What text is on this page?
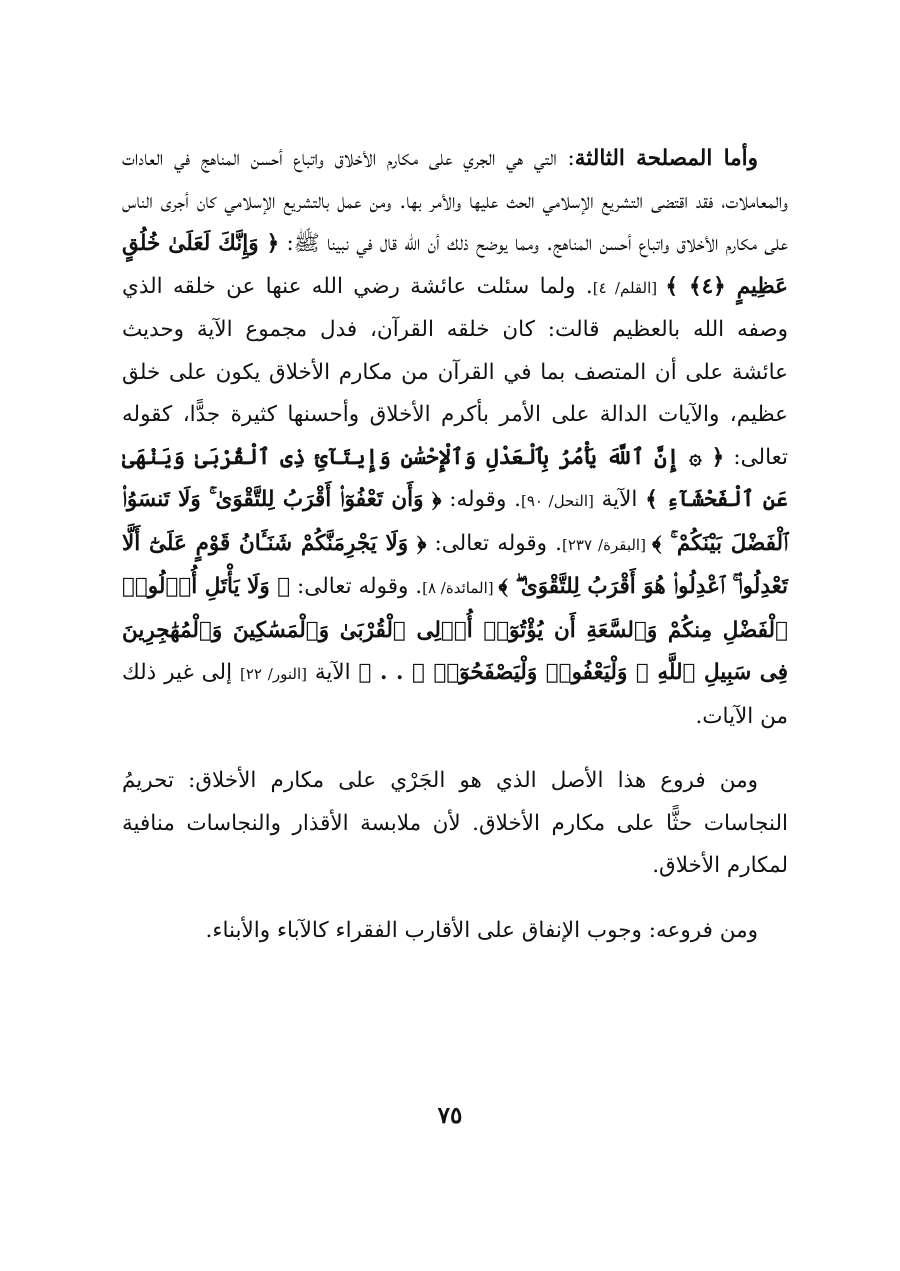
وأما المصلحة الثالثة: التي هي الجري على مكارم الأخلاق واتباع أحسن المناهج في العادات والمعاملات، فقد اقتضى التشريع الإسلامي الحث عليها والأمر بها. ومن عمل بالتشريع الإسلامي كان أجرى الناس على مكارم الأخلاق واتباع أحسن المناهج. ومما يوضح ذلك أن الله قال في نبينا ﷺ: ﴿ وَإِنَّكَ لَعَلَىٰ خُلُقٍ عَظِيمٍ ﴿٤﴾ ﴾ [القلم/ ٤]. ولما سئلت عائشة رضي الله عنها عن خلقه الذي وصفه الله بالعظيم قالت: كان خلقه القرآن، فدل مجموع الآية وحديث عائشة على أن المتصف بما في القرآن من مكارم الأخلاق يكون على خلق عظيم، والآيات الدالة على الأمر بأكرم الأخلاق وأحسنها كثيرة جدًّا، كقوله تعالى: ﴿ ۞ إِنَّ ٱللَّهَ يَأْمُرُ بِٱلْعَدْلِ وَٱلْإِحْسَٰنِ وَإِيتَآئِ ذِى ٱلْقُرْبَىٰ وَيَنْهَىٰ عَنِ ٱلْفَحْشَآءِ ﴾ الآية [النحل/ ٩٠]. وقوله: ﴿ وَأَن تَعْفُوٓا۟ أَقْرَبُ لِلتَّقْوَىٰ ۚ وَلَا تَنسَوُا۟ ٱلْفَضْلَ بَيْنَكُمْ ۚ ﴾ [البقرة/ ٢٣٧]. وقوله تعالى: ﴿ وَلَا يَجْرِمَنَّكُمْ شَنَـَٔانُ قَوْمٍ عَلَىٰٓ أَلَّا تَعْدِلُوا۟ ۚ ٱعْدِلُوا۟ هُوَ أَقْرَبُ لِلتَّقْوَىٰ ۖ ﴾ [المائدة/ ٨]. وقوله تعالى: ﴿ وَلَا يَأْتَلِ أُو۟لُوا۟ ٱلْفَضْلِ مِنكُمْ وَٱلسَّعَةِ أَن يُؤْتُوٓا۟ أُو۟لِى ٱلْقُرْبَىٰ وَٱلْمَسَٰكِينَ وَٱلْمُهَٰجِرِينَ فِى سَبِيلِ ٱللَّهِ ۖ وَلْيَعْفُوا۟ وَلْيَصْفَحُوٓا۟ ۗ . . ﴾ الآية [النور/ ٢٢] إلى غير ذلك من الآيات.

ومن فروع هذا الأصل الذي هو الجَرْي على مكارم الأخلاق: تحريمُ النجاسات حثًّا على مكارم الأخلاق. لأن ملابسة الأقذار والنجاسات منافية لمكارم الأخلاق.

ومن فروعه: وجوب الإنفاق على الأقارب الفقراء كالآباء والأبناء.

٧٥
